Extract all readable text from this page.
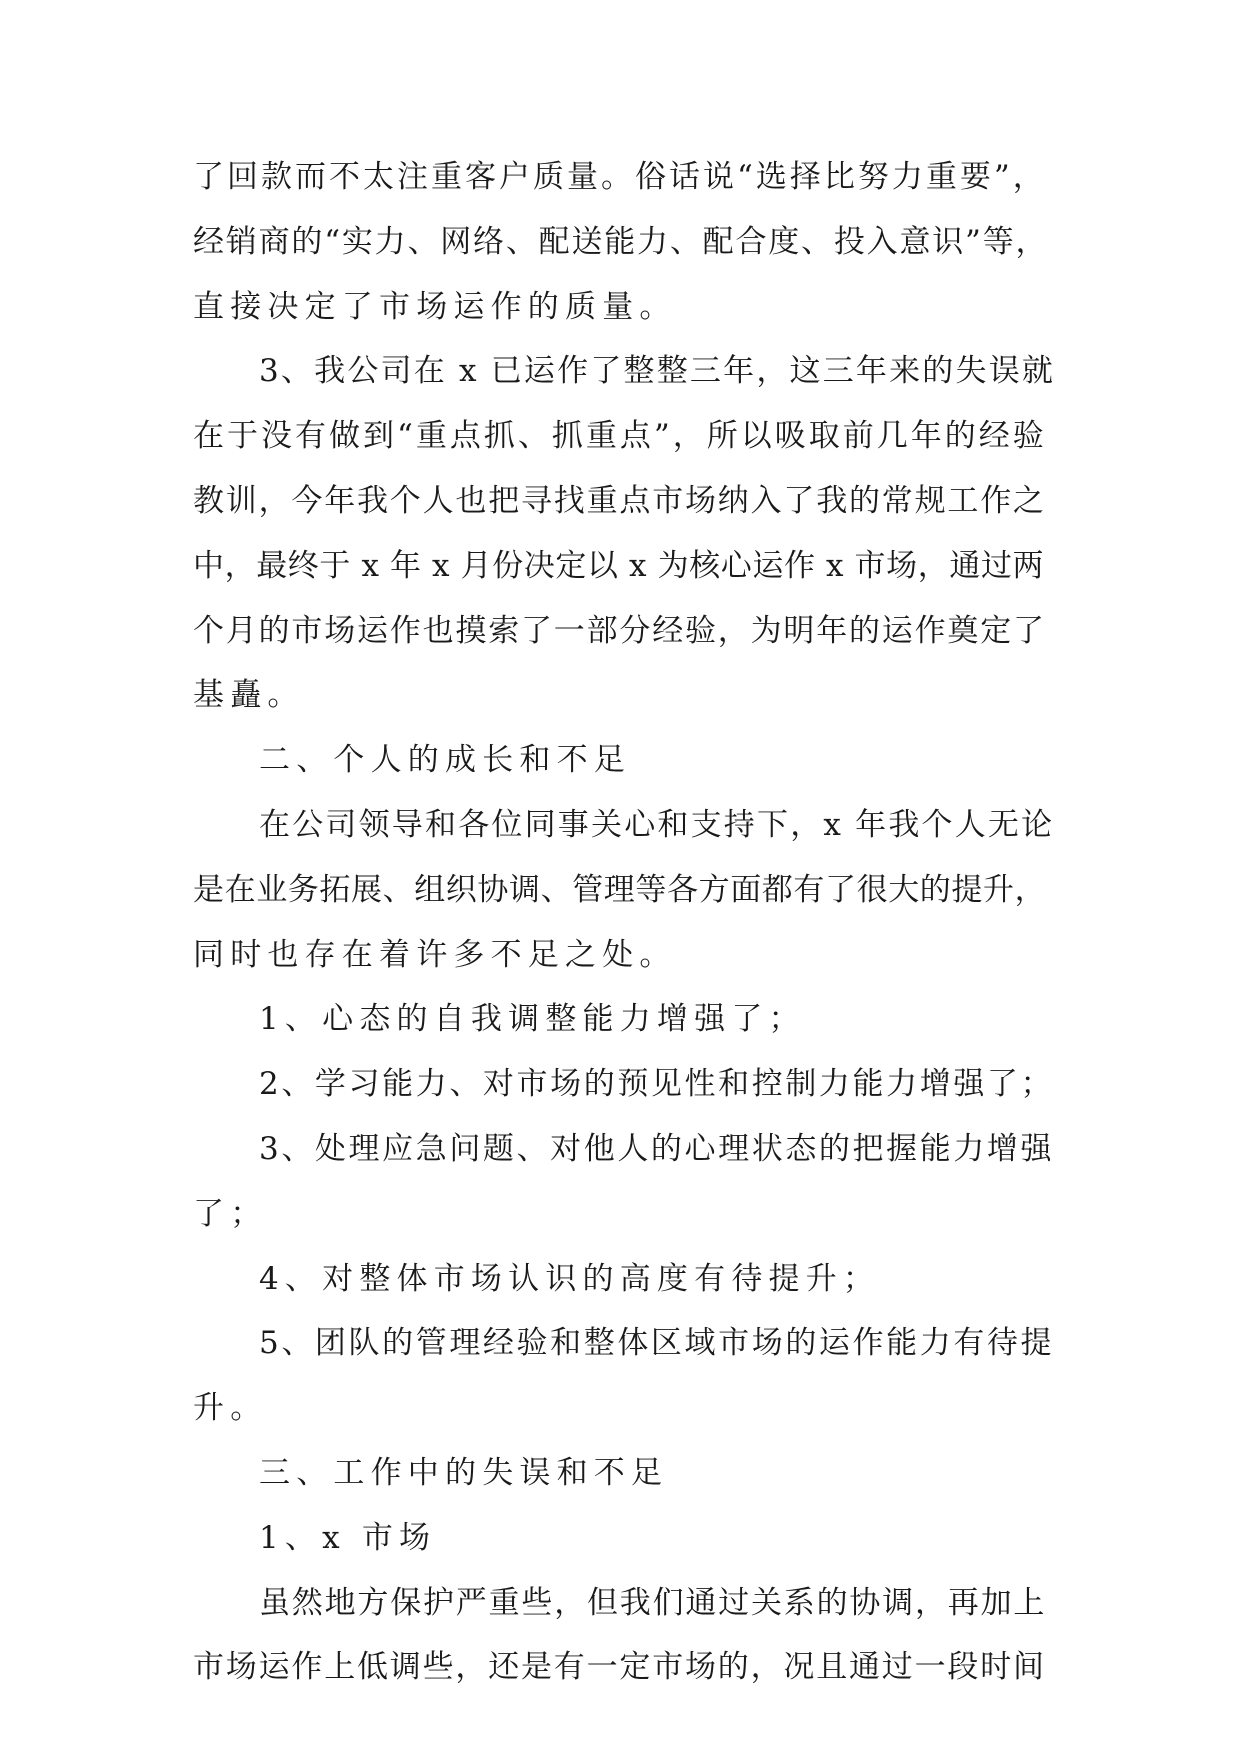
了回款而不太注重客户质量。俗话说“选择比努力重要”，
经销商的“实力、网络、配送能力、配合度、投入意识”等，
直接决定了市场运作的质量。
3、我公司在 x 已运作了整整三年，这三年来的失误就
在于没有做到“重点抓、抓重点”，所以吸取前几年的经验
教训，今年我个人也把寻找重点市场纳入了我的常规工作之
中，最终于 x 年 x 月份决定以 x 为核心运作 x 市场，通过两
个月的市场运作也摸索了一部分经验，为明年的运作奠定了
基矗。
二、个人的成长和不足
在公司领导和各位同事关心和支持下，x 年我个人无论
是在业务拓展、组织协调、管理等各方面都有了很大的提升，
同时也存在着许多不足之处。
1、心态的自我调整能力增强了；
2、学习能力、对市场的预见性和控制力能力增强了；
3、处理应急问题、对他人的心理状态的把握能力增强
了；
4、对整体市场认识的高度有待提升；
5、团队的管理经验和整体区域市场的运作能力有待提
升。
三、工作中的失误和不足
1、x 市场
虽然地方保护严重些，但我们通过关系的协调，再加上
市场运作上低调些，还是有一定市场的，况且通过一段时间
